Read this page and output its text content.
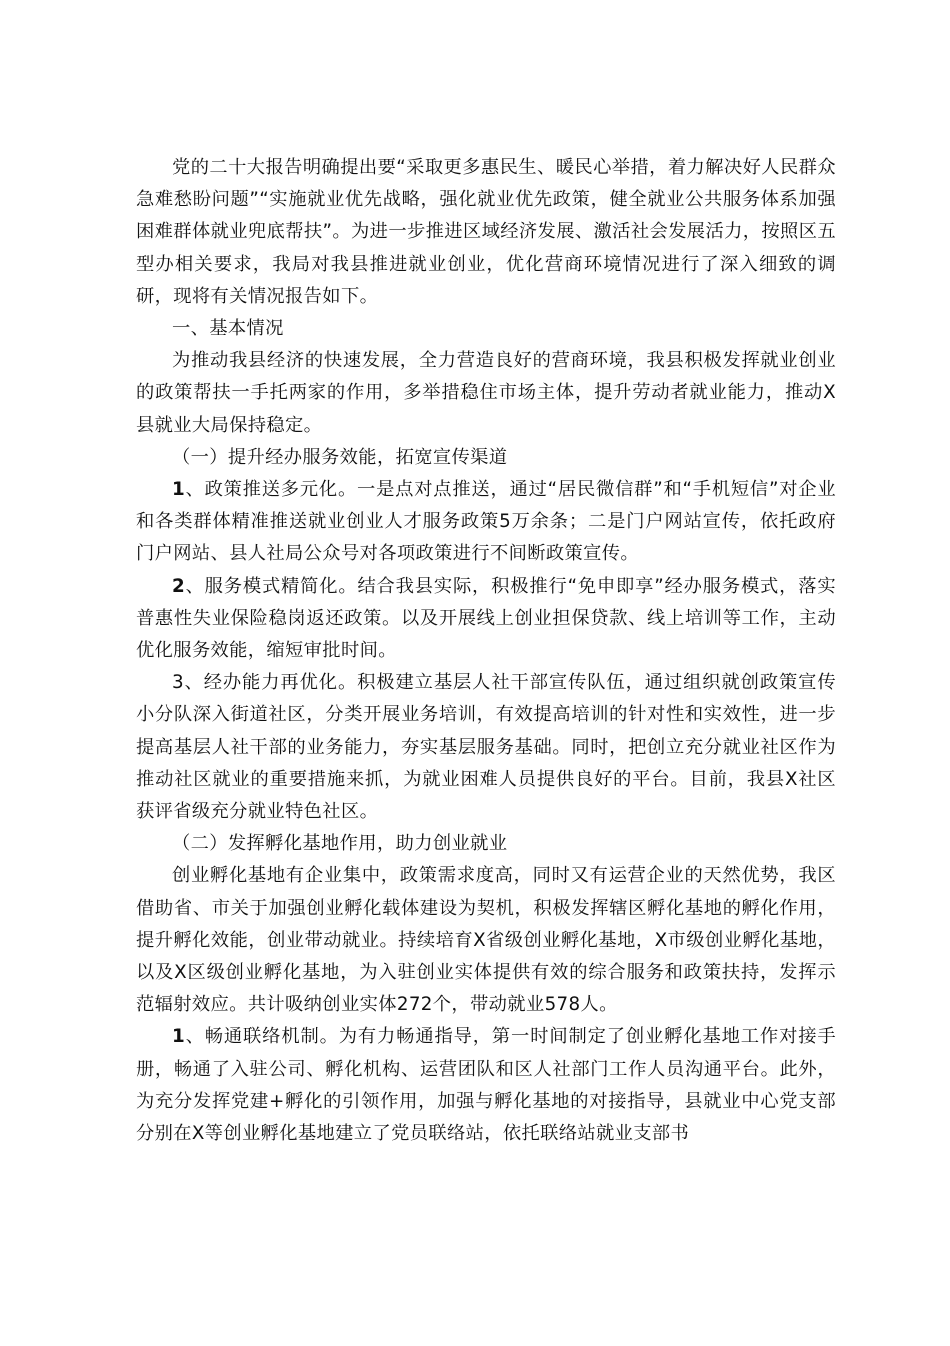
党的二十大报告明确提出要“采取更多惠民生、暖民心举措，着力解决好人民群众急难愁盼问题”“实施就业优先战略，强化就业优先政策，健全就业公共服务体系加强困难群体就业兜底帮扶”。为进一步推进区域经济发展、激活社会发展活力，按照区五型办相关要求，我局对我县推进就业创业，优化营商环境情况进行了深入细致的调研，现将有关情况报告如下。

一、基本情况

为推动我县经济的快速发展，全力营造良好的营商环境，我县积极发挥就业创业的政策帮扶一手托两家的作用，多举措稳住市场主体，提升劳动者就业能力，推动X县就业大局保持稳定。

（一）提升经办服务效能，拓宽宣传渠道

1、政策推送多元化。一是点对点推送，通过“居民微信群”和“手机短信”对企业和各类群体精准推送就业创业人才服务政策5万余条；二是门户网站宣传，依托政府门户网站、县人社局公众号对各项政策进行不间断政策宣传。

2、服务模式精简化。结合我县实际，积极推行“免申即享”经办服务模式，落实普惠性失业保险稳岗返还政策。以及开展线上创业担保贷款、线上培训等工作，主动优化服务效能，缩短审批时间。

3、经办能力再优化。积极建立基层人社干部宣传队伍，通过组织就创政策宣传小分队深入街道社区，分类开展业务培训，有效提高培训的针对性和实效性，进一步提高基层人社干部的业务能力，夯实基层服务基础。同时，把创立充分就业社区作为推动社区就业的重要措施来抓，为就业困难人员提供良好的平台。目前，我县X社区获评省级充分就业特色社区。

（二）发挥孵化基地作用，助力创业就业

创业孵化基地有企业集中，政策需求度高，同时又有运营企业的天然优势，我区借助省、市关于加强创业孵化载体建设为契机，积极发挥辖区孵化基地的孵化作用，提升孵化效能，创业带动就业。持续培育X省级创业孵化基地，X市级创业孵化基地，以及X区级创业孵化基地，为入驻创业实体提供有效的综合服务和政策扶持，发挥示范辐射效应。共计吸纳创业实体272个，带动就业578人。

1、畅通联络机制。为有力畅通指导，第一时间制定了创业孵化基地工作对接手册，畅通了入驻公司、孵化机构、运营团队和区人社部门工作人员沟通平台。此外，为充分发挥党建+孵化的引领作用，加强与孵化基地的对接指导，县就业中心党支部分别在X等创业孵化基地建立了党员联络站，依托联络站就业支部书
